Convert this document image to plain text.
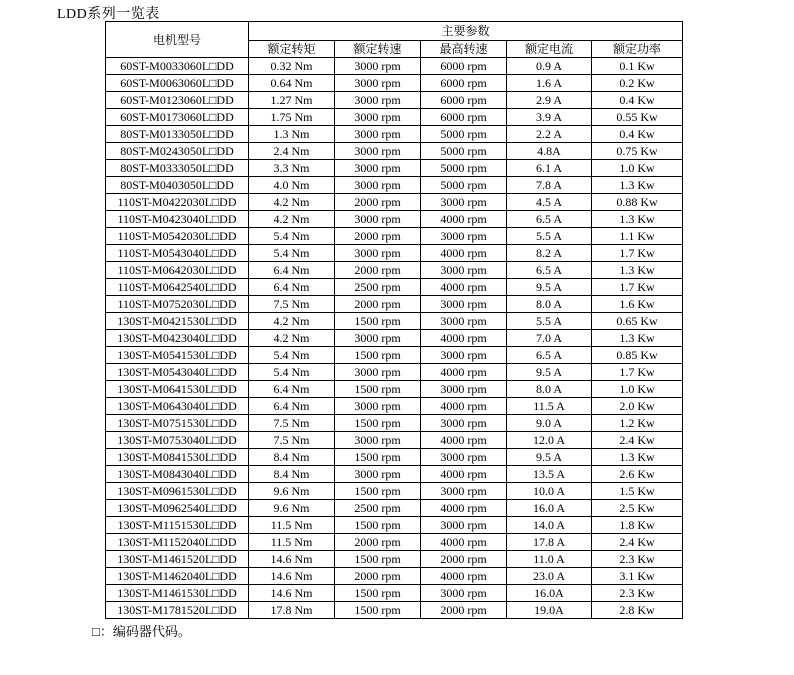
LDD系列一览表
电机型号	主要参数				
	额定转矩	额定转速	最高转速	额定电流	额定功率
60ST-M0033060L□DD	0.32 Nm	3000 rpm	6000 rpm	0.9 A	0.1 Kw
60ST-M0063060L□DD	0.64 Nm	3000 rpm	6000 rpm	1.6 A	0.2 Kw
60ST-M0123060L□DD	1.27 Nm	3000 rpm	6000 rpm	2.9 A	0.4 Kw
60ST-M0173060L□DD	1.75 Nm	3000 rpm	6000 rpm	3.9 A	0.55 Kw
80ST-M0133050L□DD	1.3 Nm	3000 rpm	5000 rpm	2.2 A	0.4 Kw
80ST-M0243050L□DD	2.4 Nm	3000 rpm	5000 rpm	4.8A	0.75 Kw
80ST-M0333050L□DD	3.3 Nm	3000 rpm	5000 rpm	6.1 A	1.0 Kw
80ST-M0403050L□DD	4.0 Nm	3000 rpm	5000 rpm	7.8 A	1.3 Kw
110ST-M0422030L□DD	4.2 Nm	2000 rpm	3000 rpm	4.5 A	0.88 Kw
110ST-M0423040L□DD	4.2 Nm	3000 rpm	4000 rpm	6.5 A	1.3 Kw
110ST-M0542030L□DD	5.4 Nm	2000 rpm	3000 rpm	5.5 A	1.1 Kw
110ST-M0543040L□DD	5.4 Nm	3000 rpm	4000 rpm	8.2 A	1.7 Kw
110ST-M0642030L□DD	6.4 Nm	2000 rpm	3000 rpm	6.5 A	1.3 Kw
110ST-M0642540L□DD	6.4 Nm	2500 rpm	4000 rpm	9.5 A	1.7 Kw
110ST-M0752030L□DD	7.5 Nm	2000 rpm	3000 rpm	8.0 A	1.6 Kw
130ST-M0421530L□DD	4.2 Nm	1500 rpm	3000 rpm	5.5 A	0.65 Kw
130ST-M0423040L□DD	4.2 Nm	3000 rpm	4000 rpm	7.0 A	1.3 Kw
130ST-M0541530L□DD	5.4 Nm	1500 rpm	3000 rpm	6.5 A	0.85 Kw
130ST-M0543040L□DD	5.4 Nm	3000 rpm	4000 rpm	9.5 A	1.7 Kw
130ST-M0641530L□DD	6.4 Nm	1500 rpm	3000 rpm	8.0 A	1.0 Kw
130ST-M0643040L□DD	6.4 Nm	3000 rpm	4000 rpm	11.5 A	2.0 Kw
130ST-M0751530L□DD	7.5 Nm	1500 rpm	3000 rpm	9.0 A	1.2 Kw
130ST-M0753040L□DD	7.5 Nm	3000 rpm	4000 rpm	12.0 A	2.4 Kw
130ST-M0841530L□DD	8.4 Nm	1500 rpm	3000 rpm	9.5 A	1.3 Kw
130ST-M0843040L□DD	8.4 Nm	3000 rpm	4000 rpm	13.5 A	2.6 Kw
130ST-M0961530L□DD	9.6 Nm	1500 rpm	3000 rpm	10.0 A	1.5 Kw
130ST-M0962540L□DD	9.6 Nm	2500 rpm	4000 rpm	16.0 A	2.5 Kw
130ST-M1151530L□DD	11.5 Nm	1500 rpm	3000 rpm	14.0 A	1.8 Kw
130ST-M1152040L□DD	11.5 Nm	2000 rpm	4000 rpm	17.8 A	2.4 Kw
130ST-M1461520L□DD	14.6 Nm	1500 rpm	2000 rpm	11.0 A	2.3 Kw
130ST-M1462040L□DD	14.6 Nm	2000 rpm	4000 rpm	23.0 A	3.1 Kw
130ST-M1461530L□DD	14.6 Nm	1500 rpm	3000 rpm	16.0A	2.3 Kw
130ST-M1781520L□DD	17.8 Nm	1500 rpm	2000 rpm	19.0A	2.8 Kw
□：编码器代码。
